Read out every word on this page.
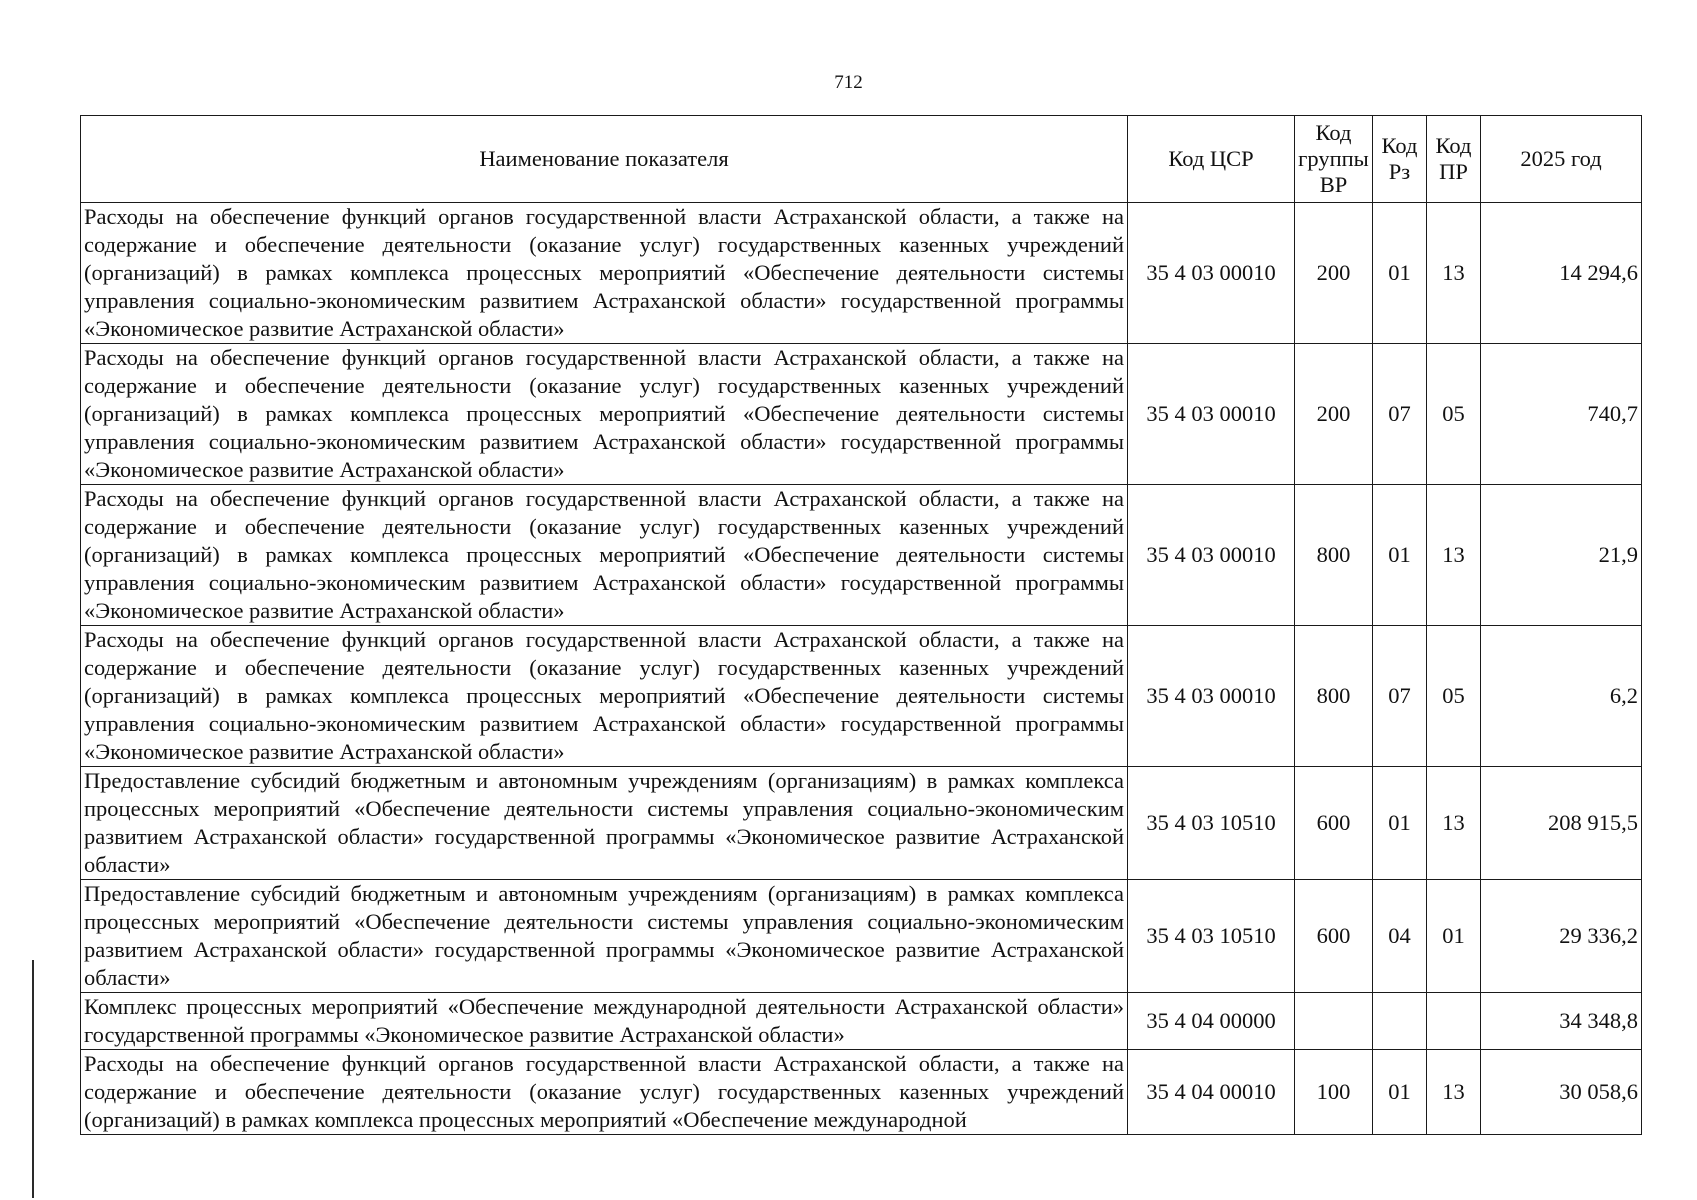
712
Наименование показателя	Код ЦСР	Код группы ВР	Код Рз	Код ПР	2025 год
Расходы на обеспечение функций органов государственной власти Астраханской области, а также на содержание и обеспечение деятельности (оказание услуг) государственных казенных учреждений (организаций) в рамках комплекса процессных мероприятий «Обеспечение деятельности системы управления социально-экономическим развитием Астраханской области» государственной программы «Экономическое развитие Астраханской области»	35 4 03 00010	200	01	13	14 294,6
Расходы на обеспечение функций органов государственной власти Астраханской области, а также на содержание и обеспечение деятельности (оказание услуг) государственных казенных учреждений (организаций) в рамках комплекса процессных мероприятий «Обеспечение деятельности системы управления социально-экономическим развитием Астраханской области» государственной программы «Экономическое развитие Астраханской области»	35 4 03 00010	200	07	05	740,7
Расходы на обеспечение функций органов государственной власти Астраханской области, а также на содержание и обеспечение деятельности (оказание услуг) государственных казенных учреждений (организаций) в рамках комплекса процессных мероприятий «Обеспечение деятельности системы управления социально-экономическим развитием Астраханской области» государственной программы «Экономическое развитие Астраханской области»	35 4 03 00010	800	01	13	21,9
Расходы на обеспечение функций органов государственной власти Астраханской области, а также на содержание и обеспечение деятельности (оказание услуг) государственных казенных учреждений (организаций) в рамках комплекса процессных мероприятий «Обеспечение деятельности системы управления социально-экономическим развитием Астраханской области» государственной программы «Экономическое развитие Астраханской области»	35 4 03 00010	800	07	05	6,2
Предоставление субсидий бюджетным и автономным учреждениям (организациям) в рамках комплекса процессных мероприятий «Обеспечение деятельности системы управления социально-экономическим развитием Астраханской области» государственной программы «Экономическое развитие Астраханской области»	35 4 03 10510	600	01	13	208 915,5
Предоставление субсидий бюджетным и автономным учреждениям (организациям) в рамках комплекса процессных мероприятий «Обеспечение деятельности системы управления социально-экономическим развитием Астраханской области» государственной программы «Экономическое развитие Астраханской области»	35 4 03 10510	600	04	01	29 336,2
Комплекс процессных мероприятий «Обеспечение международной деятельности Астраханской области» государственной программы «Экономическое развитие Астраханской области»	35 4 04 00000				34 348,8

Расходы на обеспечение функций органов государственной власти Астраханской области, а также на содержание и обеспечение деятельности (оказание услуг) государственных казенных учреждений (организаций) в рамках комплекса процессных мероприятий «Обеспечение международной	35 4 04 00010	100	01	13	30 058,6
